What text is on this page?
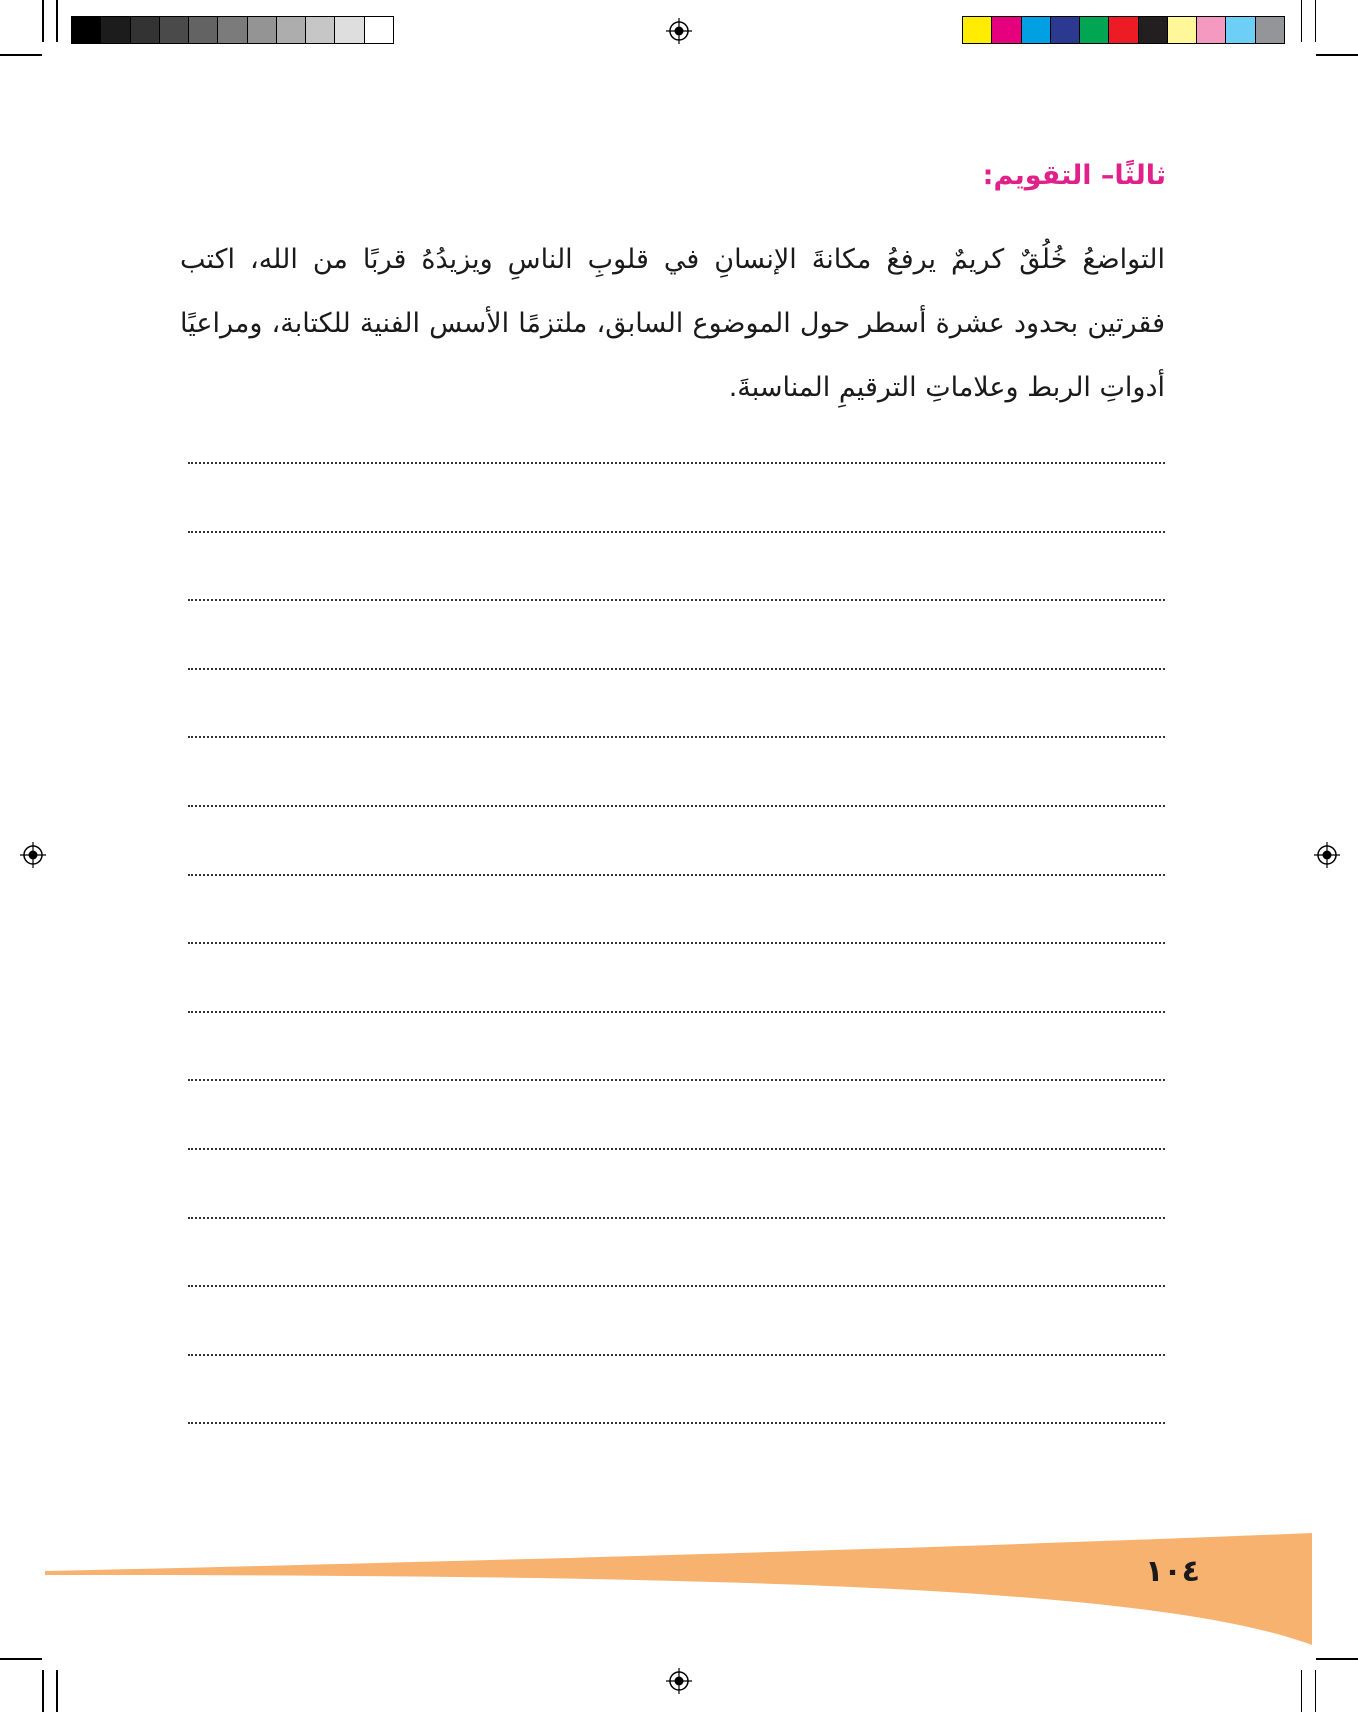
ثالثًا– التقويم:
التواضعُ خُلُقٌ كريمٌ يرفعُ مكانةَ الإنسانِ في قلوبِ الناسِ ويزيدُهُ قربًا من الله، اكتب فقرتين بحدود عشرة أسطر حول الموضوع السابق، ملتزمًا الأسس الفنية للكتابة، ومراعيًا أدواتِ الربط وعلاماتِ الترقيمِ المناسبةَ.
١٠٤
